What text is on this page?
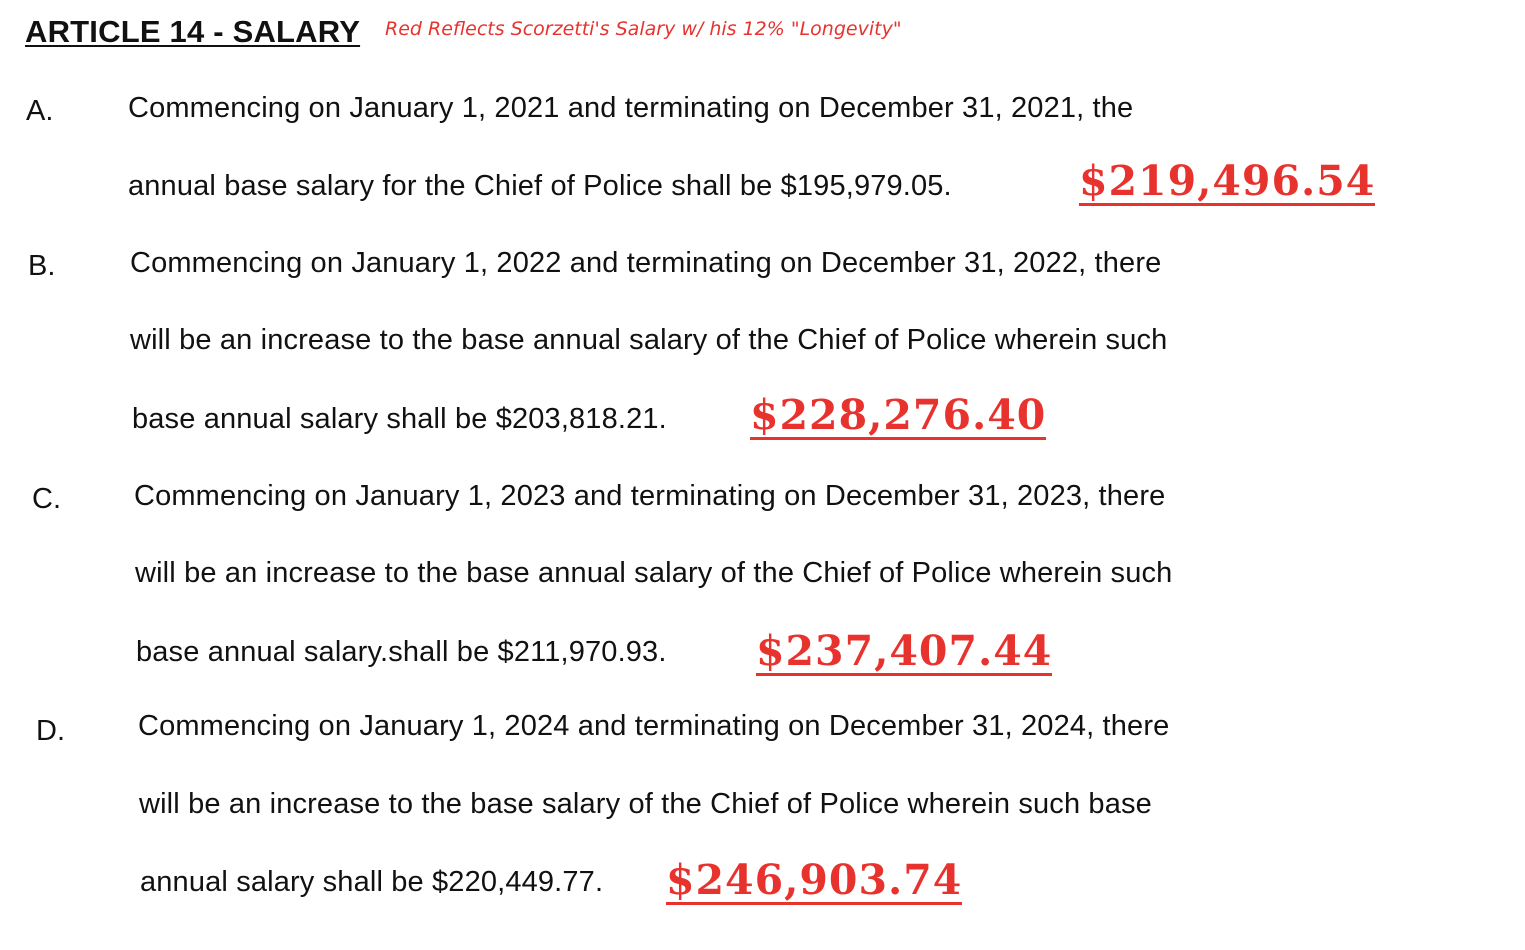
ARTICLE 14 - SALARY Red Reflects Scorzetti's Salary w/ his 12% "Longevity"
A.	Commencing on January 1, 2021 and terminating on December 31, 2021, the
annual base salary for the Chief of Police shall be $195,979.05.	$219,496.54
B.	Commencing on January 1, 2022 and terminating on December 31, 2022, there
will be an increase to the base annual salary of the Chief of Police wherein such
base annual salary shall be $203,818.21. $228,276.40
C.	Commencing on January 1, 2023 and terminating on December 31, 2023, there
will be an increase to the base annual salary of the Chief of Police wherein such
base annual salary.shall be $211,970.93. $237,407.44
D.	Commencing on January 1, 2024 and terminating on December 31, 2024, there
will be an increase to the base salary of the Chief of Police wherein such base
annual salary shall be $220,449.77. $246,903.74
